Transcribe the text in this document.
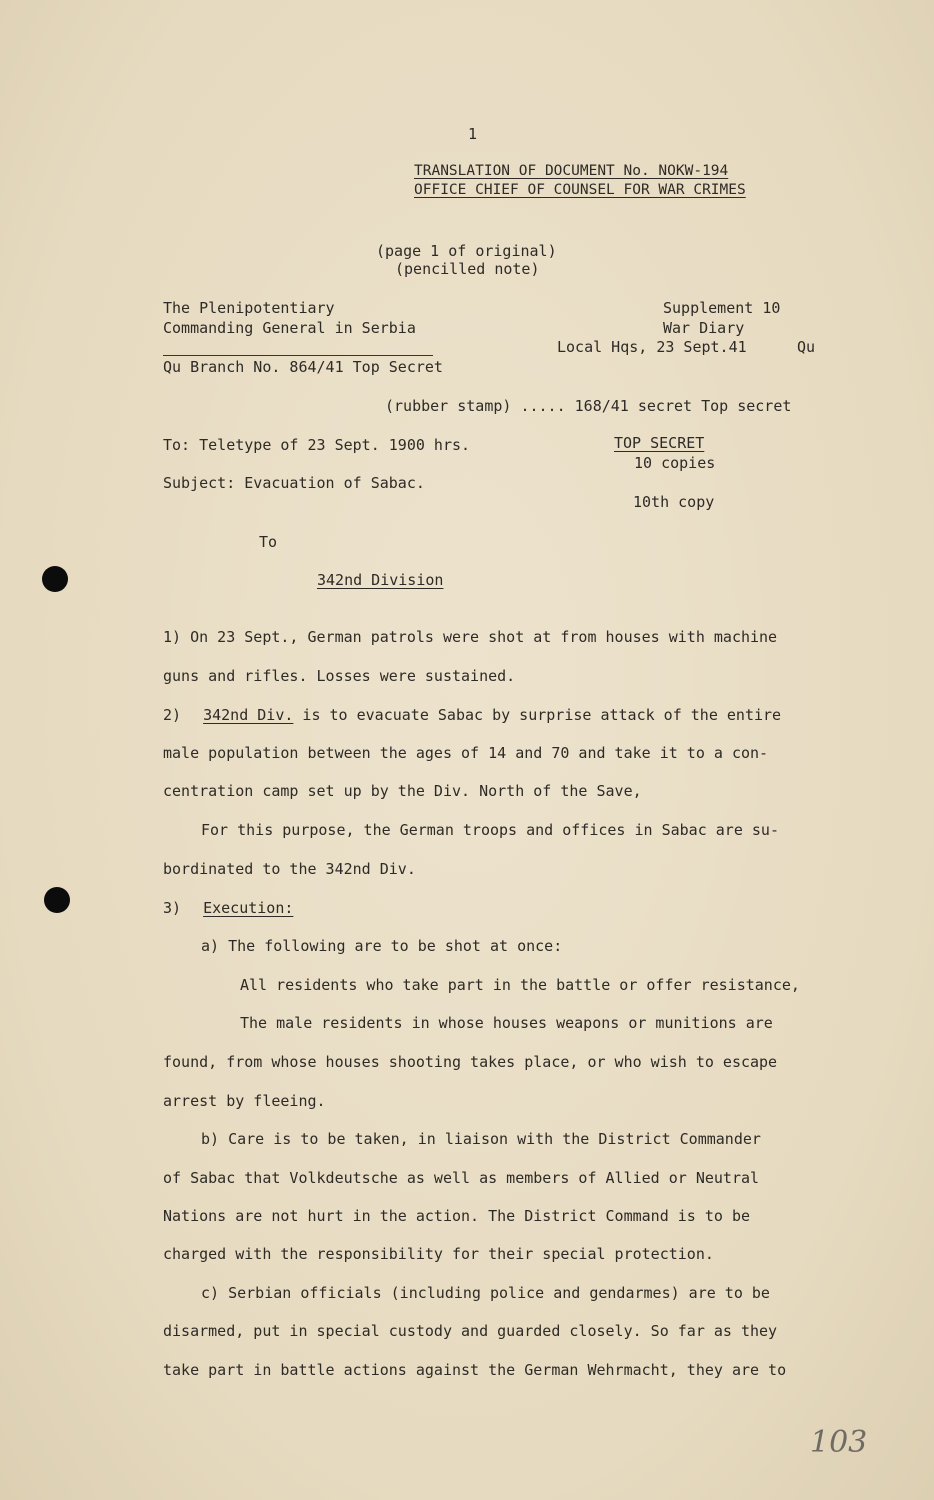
1
TRANSLATION OF DOCUMENT No. NOKW-194
OFFICE CHIEF OF COUNSEL FOR WAR CRIMES
(page 1 of original)
(pencilled note)
The Plenipotentiary
Commanding General in Serbia
Qu Branch No. 864/41 Top Secret
Supplement 10
War Diary
Local Hqs, 23 Sept.41	Qu
(rubber stamp) ..... 168/41 secret Top secret
To: Teletype of 23 Sept. 1900 hrs.
Subject: Evacuation of Sabac.
TOP SECRET
10 copies
10th copy
To
342nd Division
1) On 23 Sept., German patrols were shot at from houses with machine
guns and rifles. Losses were sustained.
2) 342nd Div. is to evacuate Sabac by surprise attack of the entire
male population between the ages of 14 and 70 and take it to a con-
centration camp set up by the Div. North of the Save,
For this purpose, the German troops and offices in Sabac are su-
bordinated to the 342nd Div.
3) Execution:
a) The following are to be shot at once:
All residents who take part in the battle or offer resistance,
The male residents in whose houses weapons or munitions are
found, from whose houses shooting takes place, or who wish to escape
arrest by fleeing.
b) Care is to be taken, in liaison with the District Commander
of Sabac that Volkdeutsche as well as members of Allied or Neutral
Nations are not hurt in the action. The District Command is to be
charged with the responsibility for their special protection.
c) Serbian officials (including police and gendarmes) are to be
disarmed, put in special custody and guarded closely. So far as they
take part in battle actions against the German Wehrmacht, they are to
103
